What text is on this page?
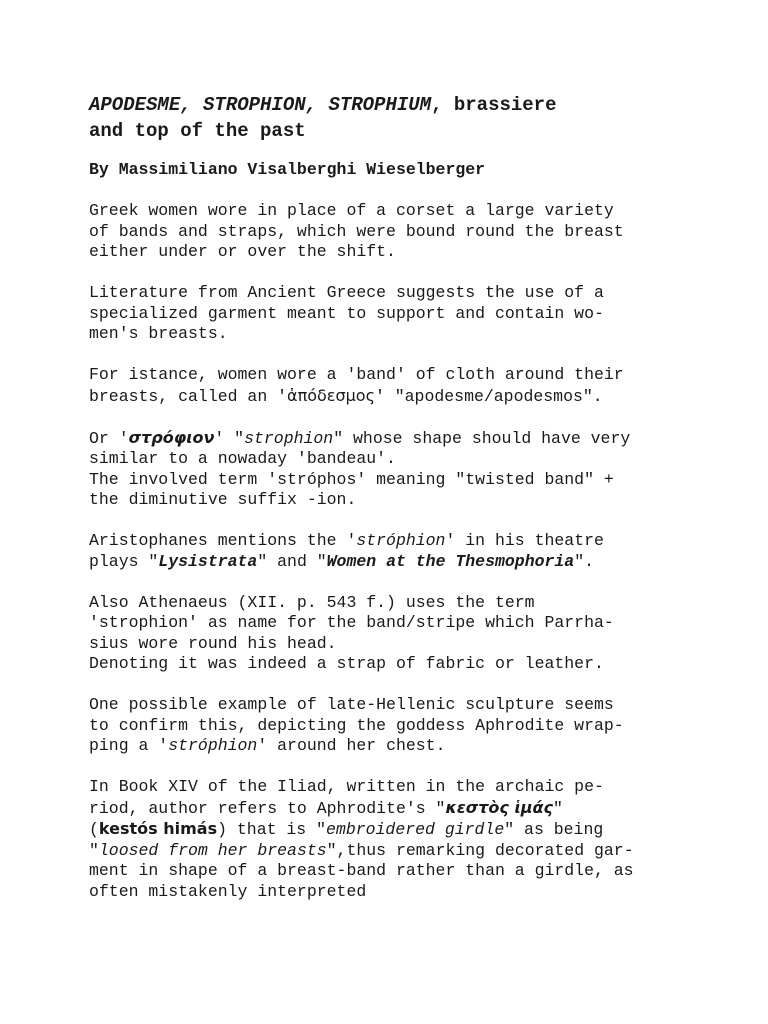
APODESME, STROPHION, STROPHIUM, brassiere
and top of the past
By Massimiliano Visalberghi Wieselberger

Greek women wore in place of a corset a large variety
of bands and straps, which were bound round the breast
either under or over the shift.

Literature from Ancient Greece suggests the use of a
specialized garment meant to support and contain wo-
men's breasts.

For istance, women wore a 'band' of cloth around their
breasts, called an 'ἀπόδεσμος' "apodesme/apodesmos".

Or 'στρόφιον' "strophion" whose shape should have very
similar to a nowaday 'bandeau'.
The involved term 'stróphos' meaning "twisted band" +
the diminutive suffix -ion.

Aristophanes mentions the 'stróphion' in his theatre
plays "Lysistrata" and "Women at the Thesmophoria".

Also Athenaeus (XII. p. 543 f.) uses the term
'strophion' as name for the band/stripe which Parrha-
sius wore round his head.
Denoting it was indeed a strap of fabric or leather.

One possible example of late-Hellenic sculpture seems
to confirm this, depicting the goddess Aphrodite wrap-
ping a 'stróphion' around her chest.

In Book XIV of the Iliad, written in the archaic pe-
riod, author refers to Aphrodite's "κεστὸς ἱμάς"
(kestós himás) that is "embroidered girdle" as being
"loosed from her breasts",thus remarking decorated gar-
ment in shape of a breast-band rather than a girdle, as
often mistakenly interpreted
